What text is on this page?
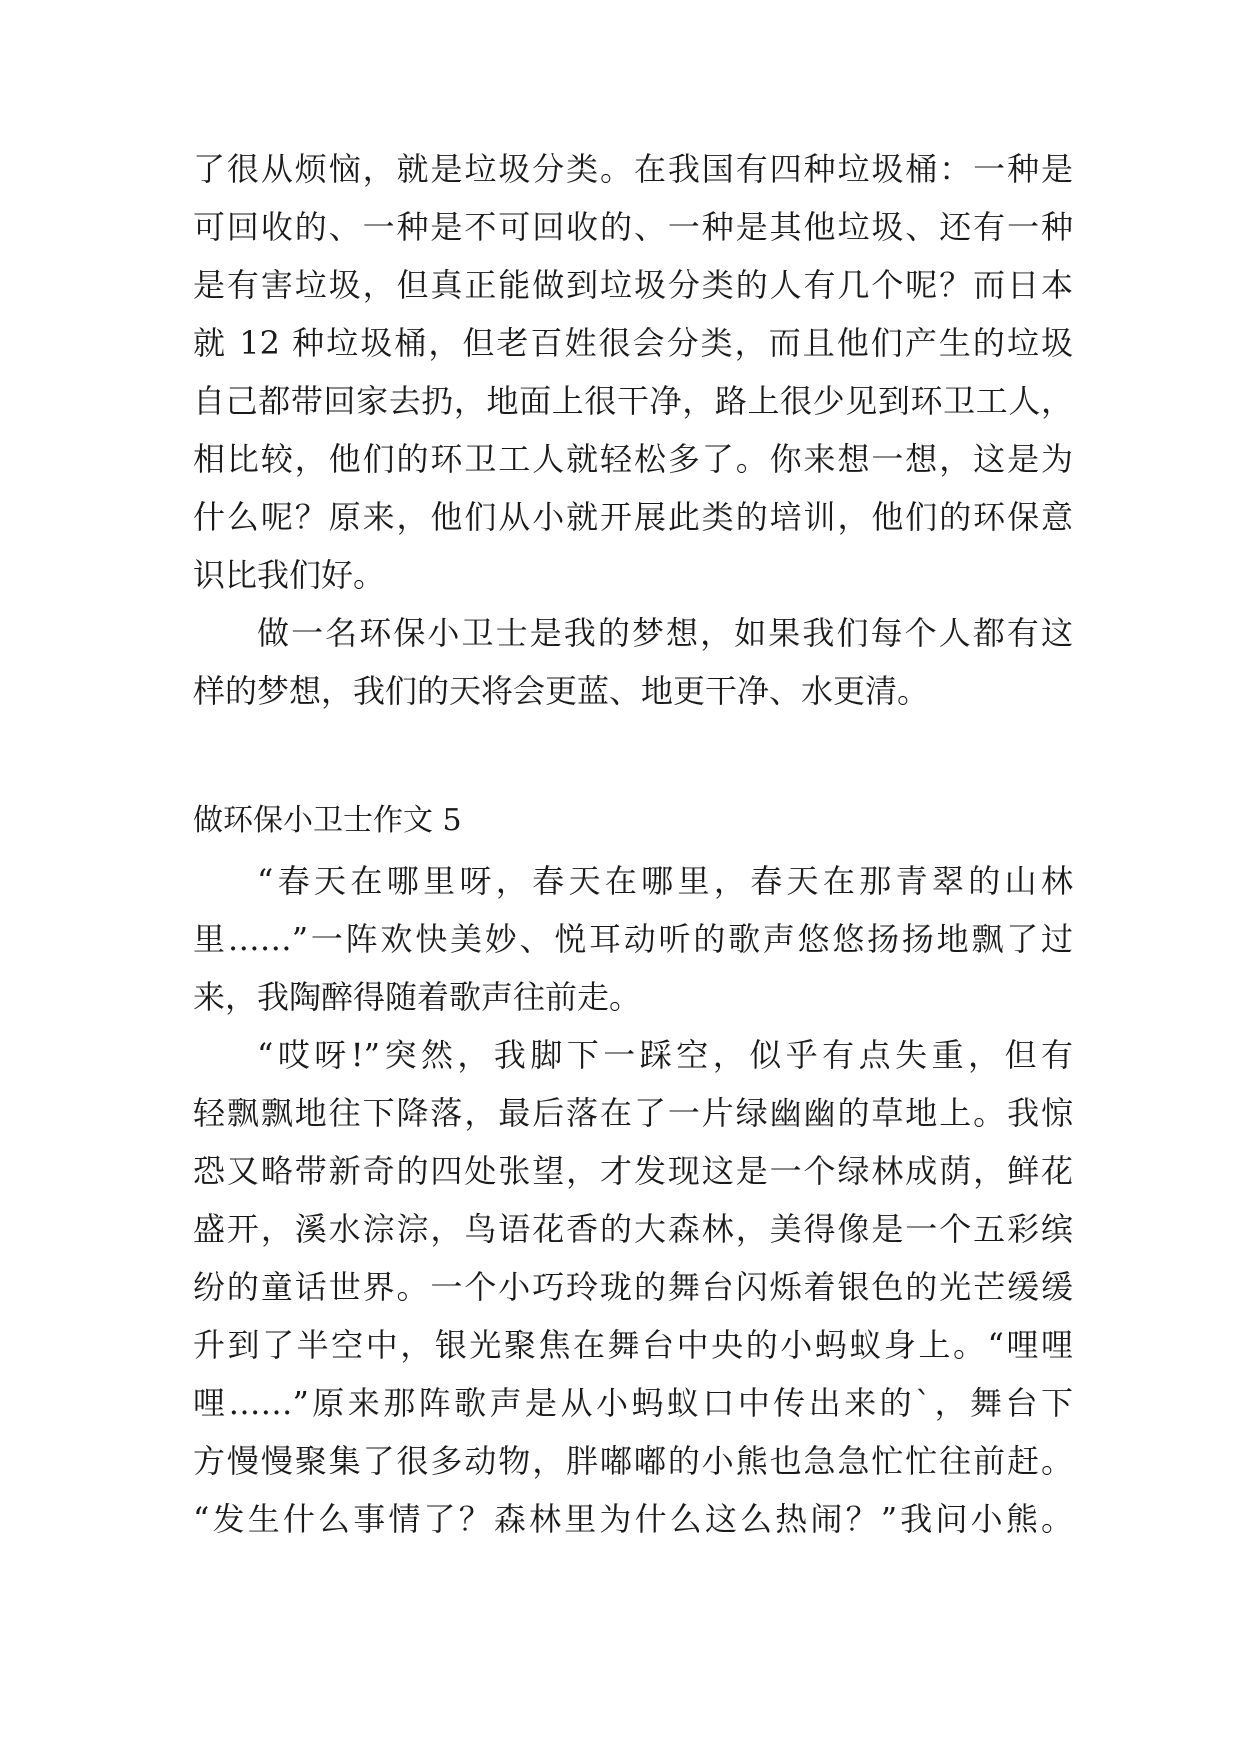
了很从烦恼，就是垃圾分类。在我国有四种垃圾桶：一种是
可回收的、一种是不可回收的、一种是其他垃圾、还有一种
是有害垃圾，但真正能做到垃圾分类的人有几个呢？而日本
就 12 种垃圾桶，但老百姓很会分类，而且他们产生的垃圾
自己都带回家去扔，地面上很干净，路上很少见到环卫工人，
相比较，他们的环卫工人就轻松多了。你来想一想，这是为
什么呢？原来，他们从小就开展此类的培训，他们的环保意
识比我们好。
做一名环保小卫士是我的梦想，如果我们每个人都有这
样的梦想，我们的天将会更蓝、地更干净、水更清。
做环保小卫士作文 5
“春天在哪里呀，春天在哪里，春天在那青翠的山林
里……”一阵欢快美妙、悦耳动听的歌声悠悠扬扬地飘了过
来，我陶醉得随着歌声往前走。
“哎呀!”突然，我脚下一踩空，似乎有点失重，但有
轻飘飘地往下降落，最后落在了一片绿幽幽的草地上。我惊
恐又略带新奇的四处张望，才发现这是一个绿林成荫，鲜花
盛开，溪水淙淙，鸟语花香的大森林，美得像是一个五彩缤
纷的童话世界。一个小巧玲珑的舞台闪烁着银色的光芒缓缓
升到了半空中，银光聚焦在舞台中央的小蚂蚁身上。“哩哩
哩……”原来那阵歌声是从小蚂蚁口中传出来的`，舞台下
方慢慢聚集了很多动物，胖嘟嘟的小熊也急急忙忙往前赶。
“发生什么事情了？森林里为什么这么热闹？”我问小熊。
